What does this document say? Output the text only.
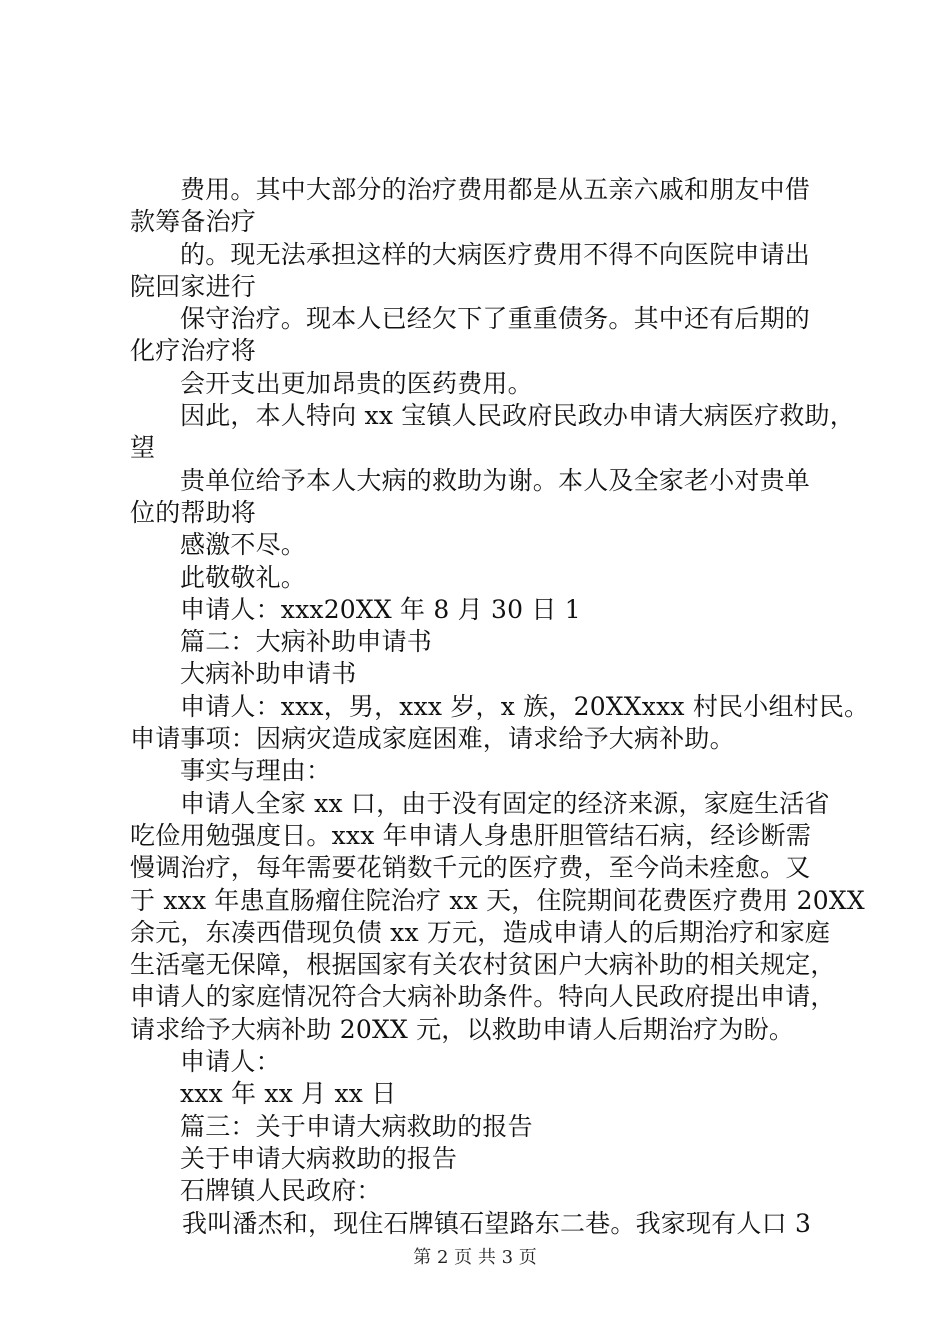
费用。其中大部分的治疗费用都是从五亲六戚和朋友中借
款筹备治疗
的。现无法承担这样的大病医疗费用不得不向医院申请出
院回家进行
保守治疗。现本人已经欠下了重重债务。其中还有后期的
化疗治疗将
会开支出更加昂贵的医药费用。
因此，本人特向 xx 宝镇人民政府民政办申请大病医疗救助，
望
贵单位给予本人大病的救助为谢。本人及全家老小对贵单
位的帮助将
感激不尽。
此敬敬礼。
申请人：xxx20XX 年 8 月 30 日 1
篇二：大病补助申请书
大病补助申请书
申请人：xxx，男，xxx 岁，x 族，20XXxxx 村民小组村民。
申请事项：因病灾造成家庭困难，请求给予大病补助。
事实与理由：
申请人全家 xx 口，由于没有固定的经济来源，家庭生活省
吃俭用勉强度日。xxx 年申请人身患肝胆管结石病，经诊断需
慢调治疗，每年需要花销数千元的医疗费，至今尚未痊愈。又
于 xxx 年患直肠瘤住院治疗 xx 天，住院期间花费医疗费用 20XX
余元，东凑西借现负债 xx 万元，造成申请人的后期治疗和家庭
生活毫无保障，根据国家有关农村贫困户大病补助的相关规定，
申请人的家庭情况符合大病补助条件。特向人民政府提出申请，
请求给予大病补助 20XX 元，以救助申请人后期治疗为盼。
申请人：
xxx 年 xx 月 xx 日
篇三：关于申请大病救助的报告
关于申请大病救助的报告
石牌镇人民政府：
我叫潘杰和，现住石牌镇石望路东二巷。我家现有人口 3
第 2 页 共 3 页
